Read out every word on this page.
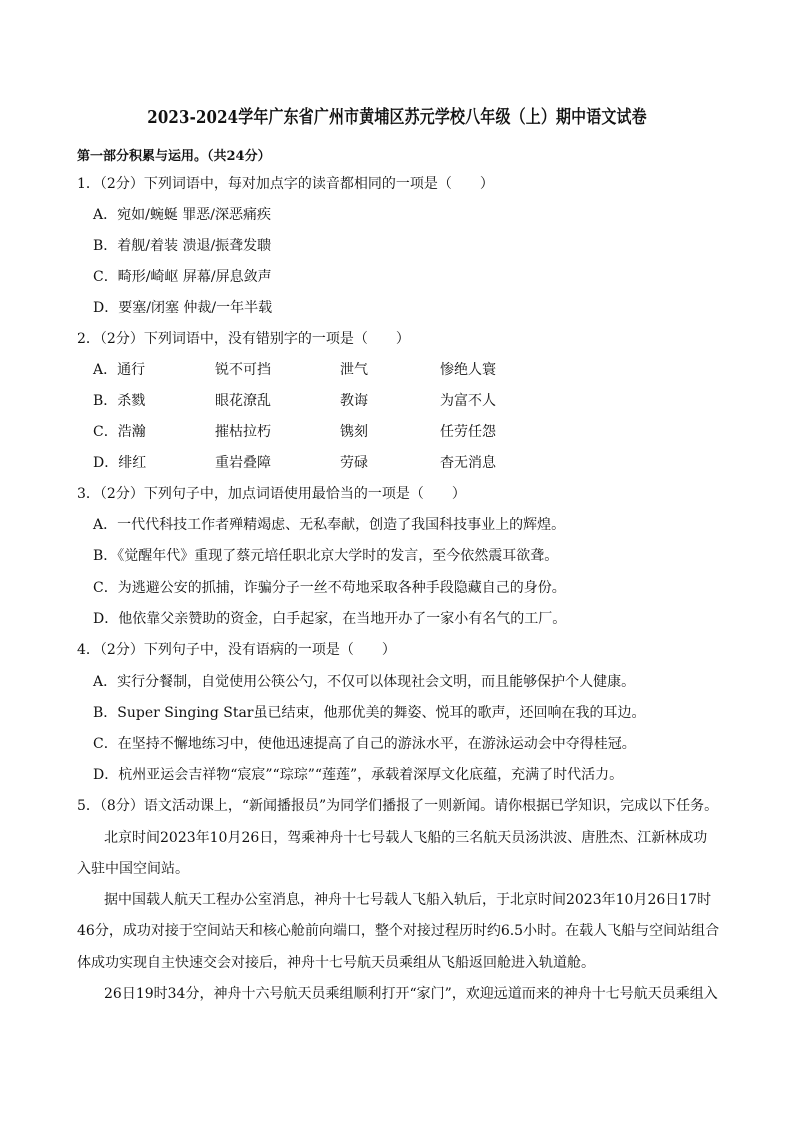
2023-2024学年广东省广州市黄埔区苏元学校八年级（上）期中语文试卷
第一部分积累与运用。（共24分）
1．（2分）下列词语中，每对加点字的读音都相同的一项是（　　）
A．宛如/蜿蜒 罪恶/深恶痛疾
B．着舰/着装 溃退/振聋发聩
C．畸形/崎岖 屏幕/屏息敛声
D．要塞/闭塞 仲裁/一年半载
2．（2分）下列词语中，没有错别字的一项是（　　）
A．通行	锐不可挡	泄气	惨绝人寰
B．杀戮	眼花潦乱	教诲	为富不人
C．浩瀚	摧枯拉朽	镌刻	任劳任怨
D．绯红	重岩叠障	劳碌	杳无消息
3．（2分）下列句子中，加点词语使用最恰当的一项是（　　）
A．一代代科技工作者殚精竭虑、无私奉献，创造了我国科技事业上的辉煌。
B．《觉醒年代》重现了蔡元培任职北京大学时的发言，至今依然震耳欲聋。
C．为逃避公安的抓捕，诈骗分子一丝不苟地采取各种手段隐藏自己的身份。
D．他依靠父亲赞助的资金，白手起家，在当地开办了一家小有名气的工厂。
4．（2分）下列句子中，没有语病的一项是（　　）
A．实行分餐制，自觉使用公筷公勺，不仅可以体现社会文明，而且能够保护个人健康。
B．Super Singing Star虽已结束，他那优美的舞姿、悦耳的歌声，还回响在我的耳边。
C．在坚持不懈地练习中，使他迅速提高了自己的游泳水平，在游泳运动会中夺得桂冠。
D．杭州亚运会吉祥物“宸宸”“琮琮”“莲莲”，承载着深厚文化底蕴，充满了时代活力。
5．（8分）语文活动课上，“新闻播报员”为同学们播报了一则新闻。请你根据已学知识，完成以下任务。
北京时间2023年10月26日，驾乘神舟十七号载人飞船的三名航天员汤洪波、唐胜杰、江新林成功
入驻中国空间站。
据中国载人航天工程办公室消息，神舟十七号载人飞船入轨后，于北京时间2023年10月26日17时
46分，成功对接于空间站天和核心舱前向端口，整个对接过程历时约6.5小时。在载人飞船与空间站组合
体成功实现自主快速交会对接后，神舟十七号航天员乘组从飞船返回舱进入轨道舱。
26日19时34分，神舟十六号航天员乘组顺利打开“家门”，欢迎远道而来的神舟十七号航天员乘组入
